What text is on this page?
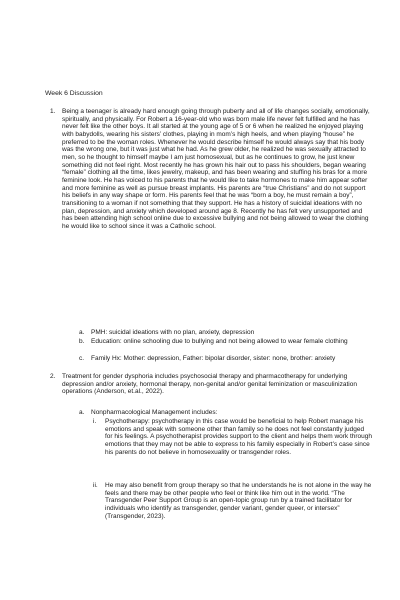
Week 6 Discussion
1.	Being a teenager is already hard enough going through puberty and all of life changes socially, emotionally, spiritually, and physically. For Robert a 16-year-old who was born male life never felt fulfilled and he has never felt like the other boys. It all started at the young age of 5 or 6 when he realized he enjoyed playing with babydolls, wearing his sisters’ clothes, playing in mom’s high heels, and when playing “house” he preferred to be the woman roles. Whenever he would describe himself he would always say that his body was the wrong one, but it was just what he had. As he grew older, he realized he was sexually attracted to men, so he thought to himself maybe I am just homosexual, but as he continues to grow, he just knew something did not feel right. Most recently he has grown his hair out to pass his shoulders, began wearing “female” clothing all the time, likes jewelry, makeup, and has been wearing and stuffing his bras for a more feminine look. He has voiced to his parents that he would like to take hormones to make him appear softer and more feminine as well as pursue breast implants. His parents are “true Christians” and do not support his beliefs in any way shape or form. His parents feel that he was “born a boy, he must remain a boy”, transitioning to a woman if not something that they support. He has a history of suicidal ideations with no plan, depression, and anxiety which developed around age 8. Recently he has felt very unsupported and has been attending high school online due to excessive bullying and not being allowed to wear the clothing he would like to school since it was a Catholic school.
a.	PMH: suicidal ideations with no plan, anxiety, depression
b.	Education: online schooling due to bullying and not being allowed to wear female clothing
c.	Family Hx: Mother: depression, Father: bipolar disorder, sister: none, brother: anxiety
2.	Treatment for gender dysphoria includes psychosocial therapy and pharmacotherapy for underlying depression and/or anxiety, hormonal therapy, non-genital and/or genital feminization or masculinization operations (Anderson, et.al., 2022).
a.	Nonpharmacological Management includes:
i.	Psychotherapy: psychotherapy in this case would be beneficial to help Robert manage his emotions and speak with someone other than family so he does not feel constantly judged for his feelings. A psychotherapist provides support to the client and helps them work through emotions that they may not be able to express to his family especially in Robert’s case since his parents do not believe in homosexuality or transgender roles.
ii.	He may also benefit from group therapy so that he understands he is not alone in the way he feels and there may be other people who feel or think like him out in the world. “The Transgender Peer Support Group is an open-topic group run by a trained facilitator for individuals who identify as transgender, gender variant, gender queer, or intersex” (Transgender, 2023).
